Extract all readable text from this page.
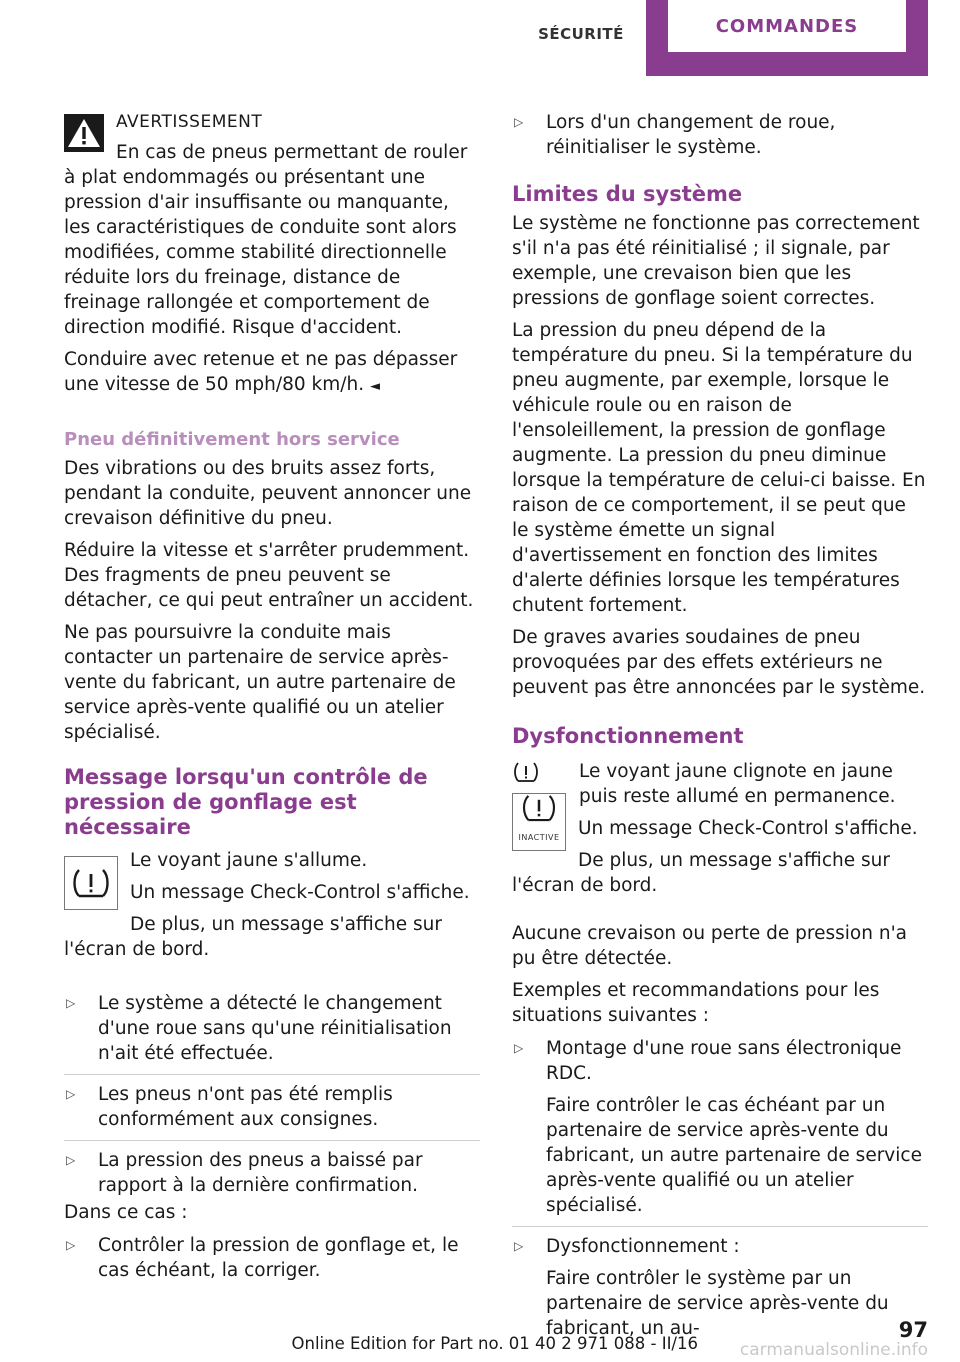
SÉCURITÉ	COMMANDES
AVERTISSEMENT

En cas de pneus permettant de rouler à plat endommagés ou présentant une pression d'air insuffisante ou manquante, les caractéristiques de conduite sont alors modifiées, comme stabilité directionnelle réduite lors du freinage, distance de freinage rallongée et comportement de direction modifié. Risque d'accident.

Conduire avec retenue et ne pas dépasser une vitesse de 50 mph/80 km/h. ◄

Pneu définitivement hors service

Des vibrations ou des bruits assez forts, pendant la conduite, peuvent annoncer une crevaison définitive du pneu.

Réduire la vitesse et s'arrêter prudemment. Des fragments de pneu peuvent se détacher, ce qui peut entraîner un accident.

Ne pas poursuivre la conduite mais contacter un partenaire de service après-vente du fabricant, un autre partenaire de service après-vente qualifié ou un atelier spécialisé.

Message lorsqu'un contrôle de pression de gonflage est nécessaire

Le voyant jaune s'allume.

Un message Check-Control s'affiche.

De plus, un message s'affiche sur l'écran de bord.

▷ Le système a détecté le changement d'une roue sans qu'une réinitialisation n'ait été effectuée.
▷ Les pneus n'ont pas été remplis conformément aux consignes.
▷ La pression des pneus a baissé par rapport à la dernière confirmation.

Dans ce cas :

▷ Contrôler la pression de gonflage et, le cas échéant, la corriger.
▷ Lors d'un changement de roue, réinitialiser le système.
Limites du système

Le système ne fonctionne pas correctement s'il n'a pas été réinitialisé ; il signale, par exemple, une crevaison bien que les pressions de gonflage soient correctes.

La pression du pneu dépend de la température du pneu. Si la température du pneu augmente, par exemple, lorsque le véhicule roule ou en raison de l'ensoleillement, la pression de gonflage augmente. La pression du pneu diminue lorsque la température de celui-ci baisse. En raison de ce comportement, il se peut que le système émette un signal d'avertissement en fonction des limites d'alerte définies lorsque les températures chutent fortement.

De graves avaries soudaines de pneu provoquées par des effets extérieurs ne peuvent pas être annoncées par le système.

Dysfonctionnement
INACTIVE

Le voyant jaune clignote en jaune puis reste allumé en permanence.

Un message Check-Control s'affiche.

De plus, un message s'affiche sur l'écran de bord.

Aucune crevaison ou perte de pression n'a pu être détectée.

Exemples et recommandations pour les situations suivantes :

▷ Montage d'une roue sans électronique RDC.

Faire contrôler le cas échéant par un partenaire de service après-vente du fabricant, un autre partenaire de service après-vente qualifié ou un atelier spécialisé.

▷ Dysfonctionnement :

Faire contrôler le système par un partenaire de service après-vente du fabricant, un au-	97
Online Edition for Part no. 01 40 2 971 088 - II/16 carmanualsonline.info
